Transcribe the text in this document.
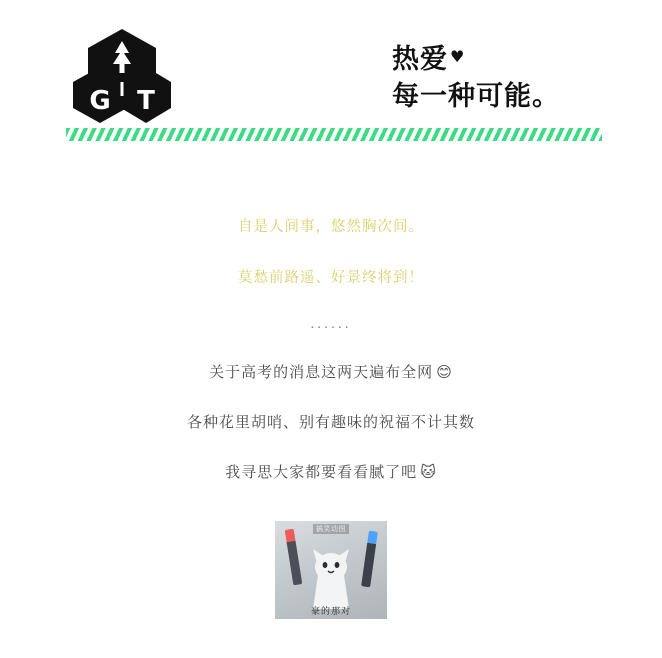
G T
热爱 ♥
每一种可能。
自是人间事，悠然胸次间。
莫愁前路遥、好景终将到！
......
关于高考的消息这两天遍布全网 😊
各种花里胡哨、别有趣味的祝福不计其数
我寻思大家都要看看腻了吧 🐱
搞笑动图
豪的那对
